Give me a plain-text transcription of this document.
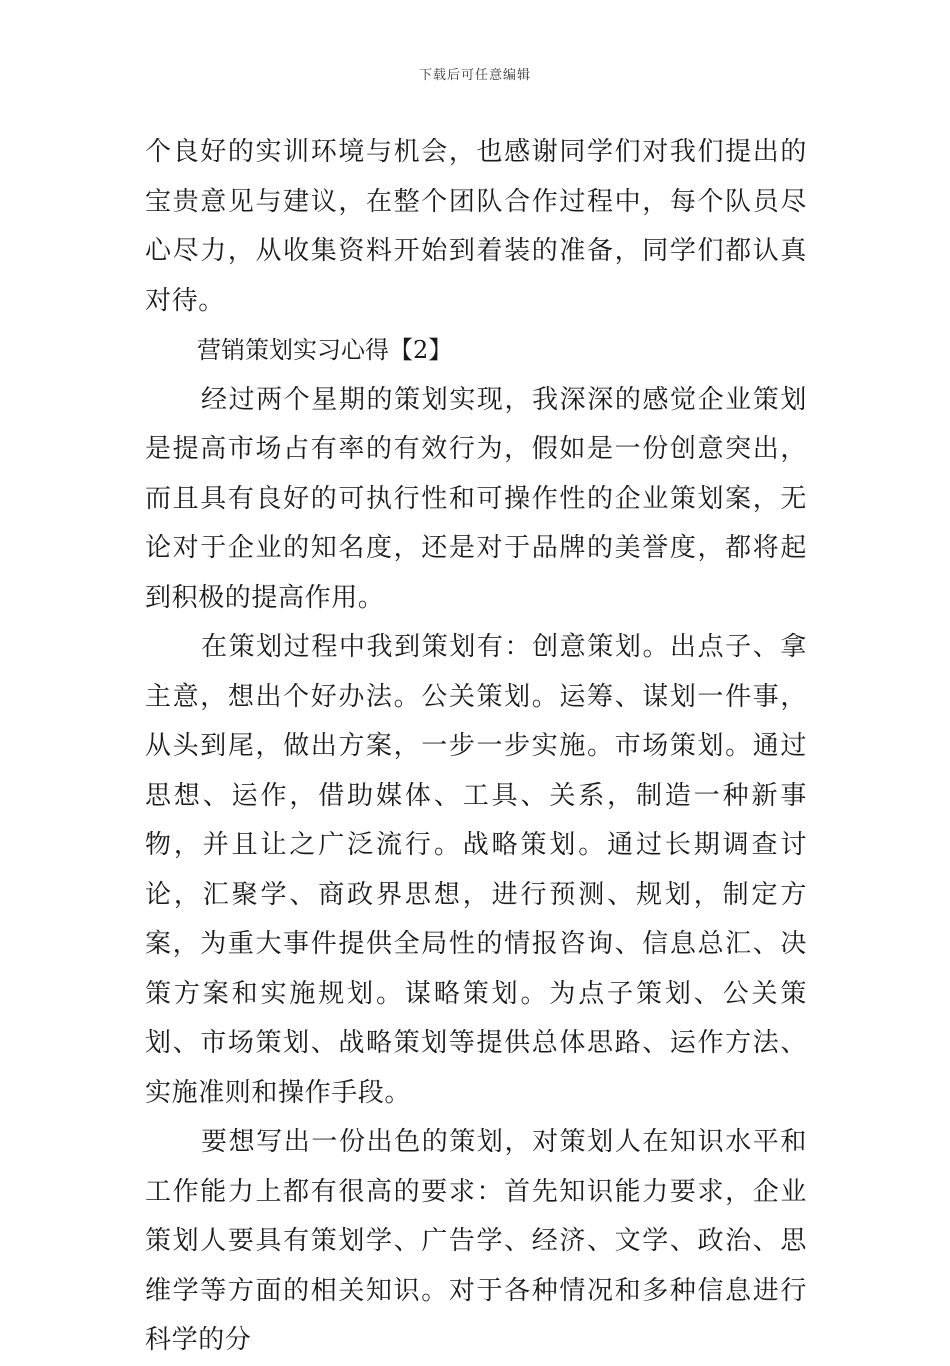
下载后可任意编辑

个良好的实训环境与机会，也感谢同学们对我们提出的宝贵意见与建议，在整个团队合作过程中，每个队员尽心尽力，从收集资料开始到着装的准备，同学们都认真对待。

营销策划实习心得【2】

经过两个星期的策划实现，我深深的感觉企业策划是提高市场占有率的有效行为，假如是一份创意突出，而且具有良好的可执行性和可操作性的企业策划案，无论对于企业的知名度，还是对于品牌的美誉度，都将起到积极的提高作用。

在策划过程中我到策划有：创意策划。出点子、拿主意，想出个好办法。公关策划。运筹、谋划一件事，从头到尾，做出方案，一步一步实施。市场策划。通过思想、运作，借助媒体、工具、关系，制造一种新事物，并且让之广泛流行。战略策划。通过长期调查讨论，汇聚学、商政界思想，进行预测、规划，制定方案，为重大事件提供全局性的情报咨询、信息总汇、决策方案和实施规划。谋略策划。为点子策划、公关策划、市场策划、战略策划等提供总体思路、运作方法、实施准则和操作手段。

要想写出一份出色的策划，对策划人在知识水平和工作能力上都有很高的要求：首先知识能力要求，企业策划人要具有策划学、广告学、经济、文学、政治、思维学等方面的相关知识。对于各种情况和多种信息进行科学的分
